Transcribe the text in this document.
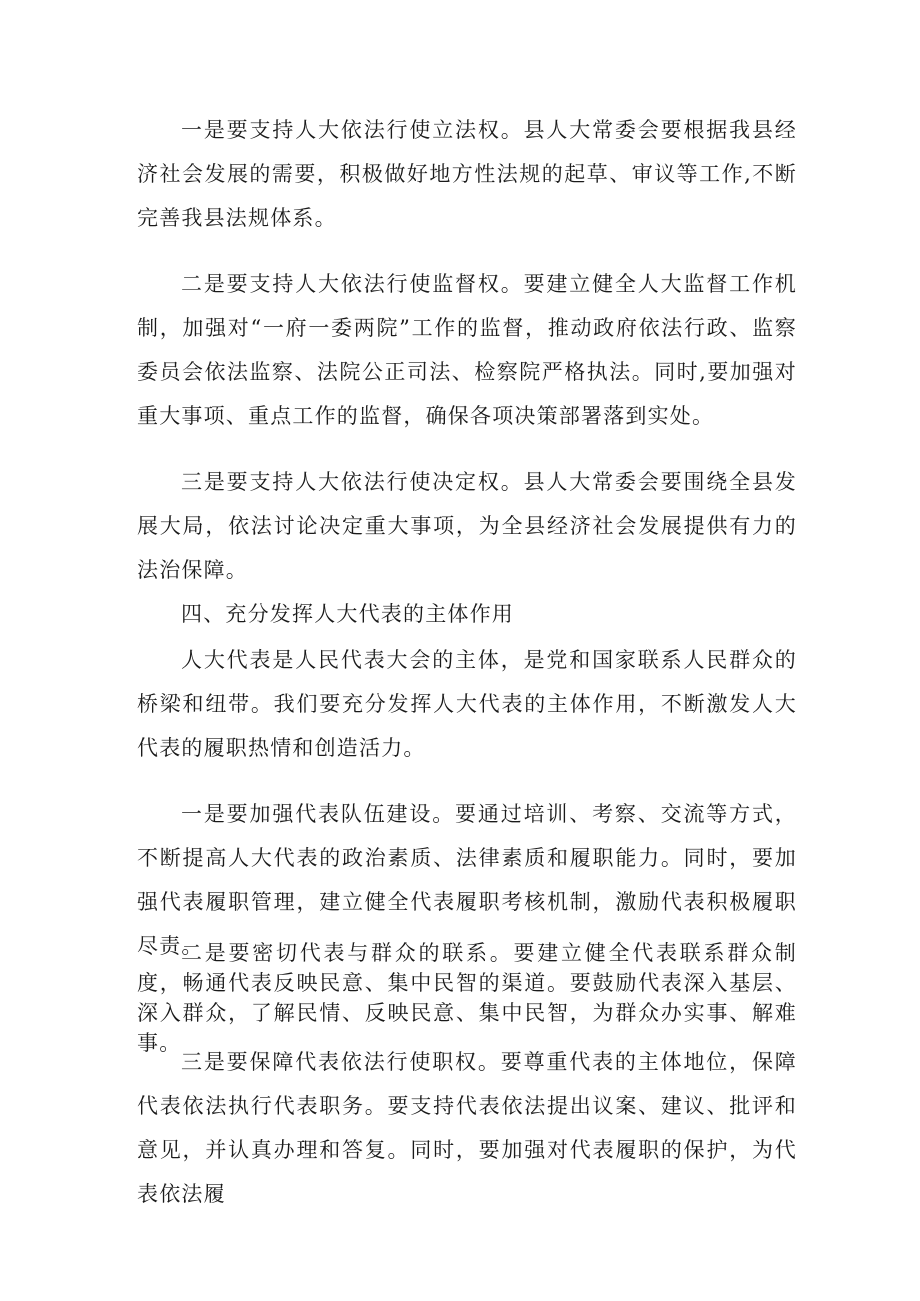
一是要支持人大依法行使立法权。县人大常委会要根据我县经济社会发展的需要，积极做好地方性法规的起草、审议等工作,不断完善我县法规体系。

二是要支持人大依法行使监督权。要建立健全人大监督工作机制，加强对“一府一委两院”工作的监督，推动政府依法行政、监察委员会依法监察、法院公正司法、检察院严格执法。同时,要加强对重大事项、重点工作的监督，确保各项决策部署落到实处。

三是要支持人大依法行使决定权。县人大常委会要围绕全县发展大局，依法讨论决定重大事项，为全县经济社会发展提供有力的法治保障。

四、充分发挥人大代表的主体作用

人大代表是人民代表大会的主体，是党和国家联系人民群众的桥梁和纽带。我们要充分发挥人大代表的主体作用，不断激发人大代表的履职热情和创造活力。

一是要加强代表队伍建设。要通过培训、考察、交流等方式，不断提高人大代表的政治素质、法律素质和履职能力。同时，要加强代表履职管理，建立健全代表履职考核机制，激励代表积极履职尽责。

二是要密切代表与群众的联系。要建立健全代表联系群众制度，畅通代表反映民意、集中民智的渠道。要鼓励代表深入基层、深入群众，了解民情、反映民意、集中民智，为群众办实事、解难事。

三是要保障代表依法行使职权。要尊重代表的主体地位，保障代表依法执行代表职务。要支持代表依法提出议案、建议、批评和意见，并认真办理和答复。同时，要加强对代表履职的保护，为代表依法履
